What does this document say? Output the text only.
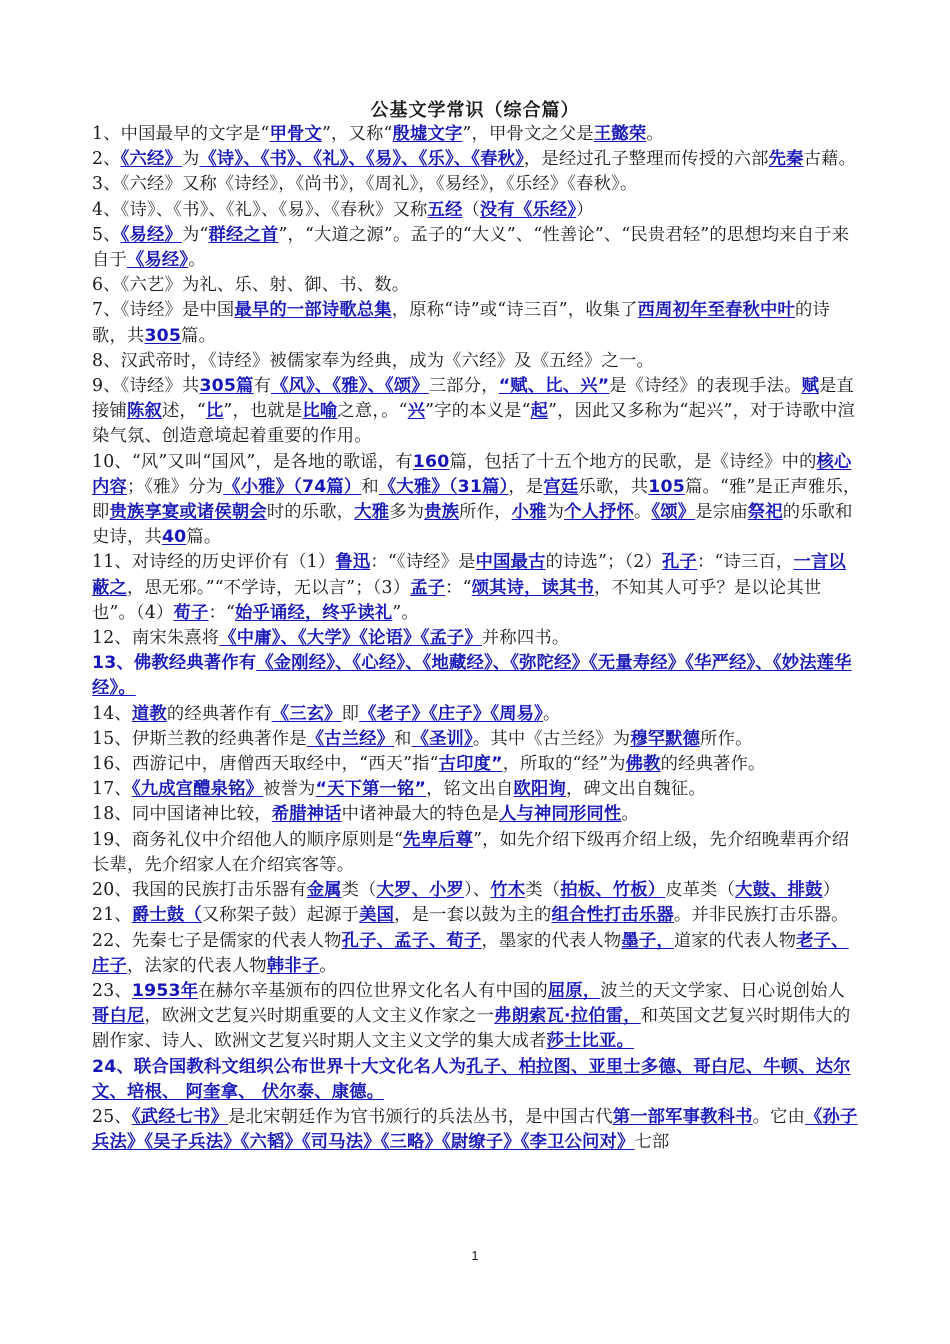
公基文学常识（综合篇）

1、中国最早的文字是“甲骨文”，又称“殷墟文字”，甲骨文之父是王懿荣。

2、《六经》为《诗》、《书》、《礼》、《易》、《乐》、《春秋》，是经过孔子整理而传授的六部先秦古藉。

3、《六经》又称《诗经》，《尚书》，《周礼》，《易经》，《乐经》《春秋》。

4、《诗》、《书》、《礼》、《易》、《春秋》又称五经（没有《乐经》）

5、《易经》为“群经之首”，“大道之源”。孟子的“大义”、“性善论”、“民贵君轻”的思想均来自于来自于《易经》。

6、《六艺》为礼、乐、射、御、书、数。

7、《诗经》是中国最早的一部诗歌总集，原称“诗”或“诗三百”，收集了西周初年至春秋中叶的诗歌，共305篇。

8、汉武帝时，《诗经》被儒家奉为经典，成为《六经》及《五经》之一。

9、《诗经》共305篇有《风》、《雅》、《颂》三部分，“赋、比、兴”是《诗经》的表现手法。赋是直接铺陈叙述，“比”，也就是比喻之意，。“兴”字的本义是“起”，因此又多称为“起兴”，对于诗歌中渲染气氛、创造意境起着重要的作用。

10、“风”又叫“国风”，是各地的歌谣，有160篇，包括了十五个地方的民歌，是《诗经》中的核心内容；《雅》分为《小雅》（74篇）和《大雅》（31篇），是宫廷乐歌，共105篇。“雅”是正声雅乐，即贵族享宴或诸侯朝会时的乐歌，大雅多为贵族所作，小雅为个人抒怀。《颂》是宗庙祭祀的乐歌和史诗，共40篇。

11、对诗经的历史评价有（1）鲁迅：“《诗经》是中国最古的诗选”；（2）孔子：“诗三百，一言以蔽之，思无邪。”“不学诗，无以言”；（3）孟子：“颂其诗，读其书，不知其人可乎？是以论其世也”。（4）荀子：“始乎诵经，终乎读礼”。

12、南宋朱熹将《中庸》、《大学》《论语》《孟子》并称四书。

13、佛教经典著作有《金刚经》、《心经》、《地藏经》、《弥陀经》《无量寿经》《华严经》、《妙法莲华经》。

14、道教的经典著作有《三玄》即《老子》《庄子》《周易》。

15、伊斯兰教的经典著作是《古兰经》和《圣训》。其中《古兰经》为穆罕默德所作。

16、西游记中，唐僧西天取经中，“西天”指“古印度”，所取的“经”为佛教的经典著作。

17、《九成宫醴泉铭》被誉为“天下第一铭”，铭文出自欧阳询，碑文出自魏征。

18、同中国诸神比较，希腊神话中诸神最大的特色是人与神同形同性。

19、商务礼仪中介绍他人的顺序原则是“先卑后尊”，如先介绍下级再介绍上级，先介绍晚辈再介绍长辈，先介绍家人在介绍宾客等。

20、我国的民族打击乐器有金属类（大罗、小罗）、竹木类（拍板、竹板）皮革类（大鼓、排鼓）

21、爵士鼓（又称架子鼓）起源于美国，是一套以鼓为主的组合性打击乐器。并非民族打击乐器。

22、先秦七子是儒家的代表人物孔子、孟子、荀子，墨家的代表人物墨子，道家的代表人物老子、庄子，法家的代表人物韩非子。

23、1953年在赫尔辛基颁布的四位世界文化名人有中国的屈原，波兰的天文学家、日心说创始人哥白尼，欧洲文艺复兴时期重要的人文主义作家之一弗朗索瓦·拉伯雷，和英国文艺复兴时期伟大的剧作家、诗人、欧洲文艺复兴时期人文主义文学的集大成者莎士比亚。

24、联合国教科文组织公布世界十大文化名人为孔子、柏拉图、亚里士多德、哥白尼、牛顿、达尔文、培根、 阿奎拿、 伏尔泰、康德。

25、《武经七书》是北宋朝廷作为官书颁行的兵法丛书，是中国古代第一部军事教科书。它由《孙子兵法》《吴子兵法》《六韬》《司马法》《三略》《尉缭子》《李卫公问对》七部

1
